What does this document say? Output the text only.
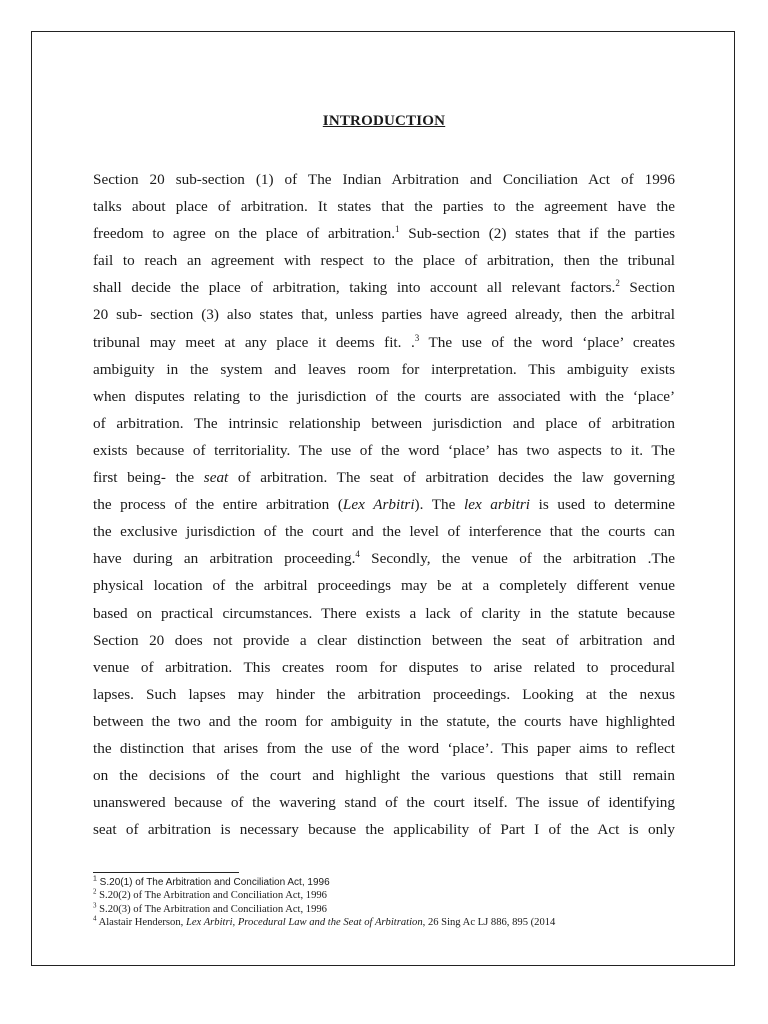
INTRODUCTION
Section 20 sub-section (1) of The Indian Arbitration and Conciliation Act of 1996
talks about place of arbitration. It states that the parties to the agreement have the
freedom to agree on the place of arbitration.$^1$ Sub-section (2) states that if the parties
fail to reach an agreement with respect to the place of arbitration, then the tribunal
shall decide the place of arbitration, taking into account all relevant factors.$^2$ Section
20 sub- section (3) also states that, unless parties have agreed already, then the arbitral
tribunal may meet at any place it deems fit. .$^3$ The use of the word ‘place’ creates
ambiguity in the system and leaves room for interpretation. This ambiguity exists
when disputes relating to the jurisdiction of the courts are associated with the ‘place’
of arbitration. The intrinsic relationship between jurisdiction and place of arbitration
exists because of territoriality. The use of the word ‘place’ has two aspects to it. The
first being- the seat of arbitration. The seat of arbitration decides the law governing
the process of the entire arbitration (Lex Arbitri). The lex arbitri is used to determine
the exclusive jurisdiction of the court and the level of interference that the courts can
have during an arbitration proceeding.$^4$ Secondly, the venue of the arbitration .The
physical location of the arbitral proceedings may be at a completely different venue
based on practical circumstances. There exists a lack of clarity in the statute because
Section 20 does not provide a clear distinction between the seat of arbitration and
venue of arbitration. This creates room for disputes to arise related to procedural
lapses. Such lapses may hinder the arbitration proceedings. Looking at the nexus
between the two and the room for ambiguity in the statute, the courts have highlighted
the distinction that arises from the use of the word ‘place’. This paper aims to reflect
on the decisions of the court and highlight the various questions that still remain
unanswered because of the wavering stand of the court itself. The issue of identifying
seat of arbitration is necessary because the applicability of Part I of the Act is only
$^1$ S.20(1) of The Arbitration and Conciliation Act, 1996
$^2$ S.20(2) of The Arbitration and Conciliation Act, 1996
$^3$ S.20(3) of The Arbitration and Conciliation Act, 1996
$^4$ Alastair Henderson, Lex Arbitri, Procedural Law and the Seat of Arbitration, 26 Sing Ac LJ 886, 895 (2014
